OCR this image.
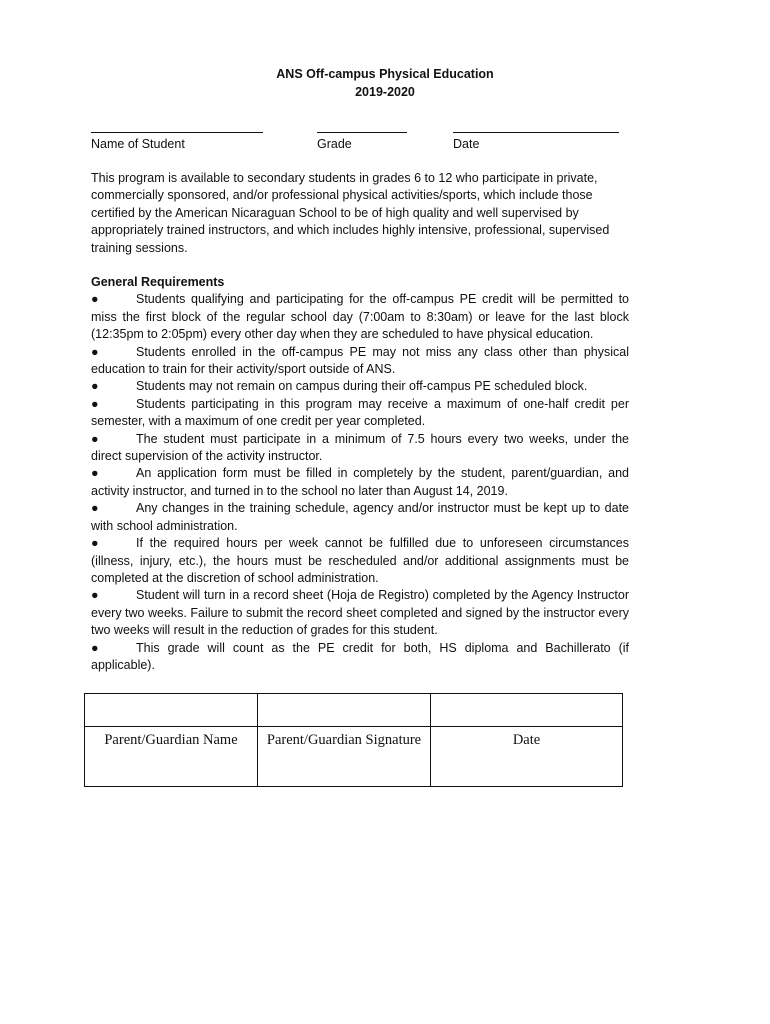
ANS Off-campus Physical Education
2019-2020
Name of Student	Grade	Date
This program is available to secondary students in grades 6 to 12 who participate in private, commercially sponsored, and/or professional physical activities/sports, which include those certified by the American Nicaraguan School to be of high quality and well supervised by appropriately trained instructors, and which includes highly intensive, professional, supervised training sessions.
General Requirements
●	Students qualifying and participating for the off-campus PE credit will be permitted to miss the first block of the regular school day (7:00am to 8:30am) or leave for the last block (12:35pm to 2:05pm) every other day when they are scheduled to have physical education.
●	Students enrolled in the off-campus PE may not miss any class other than physical education to train for their activity/sport outside of ANS.
●	Students may not remain on campus during their off-campus PE scheduled block.
●	Students participating in this program may receive a maximum of one-half credit per semester, with a maximum of one credit per year completed.
●	The student must participate in a minimum of 7.5 hours every two weeks, under the direct supervision of the activity instructor.
●	An application form must be filled in completely by the student, parent/guardian, and activity instructor, and turned in to the school no later than August 14, 2019.
●	Any changes in the training schedule, agency and/or instructor must be kept up to date with school administration.
●	If the required hours per week cannot be fulfilled due to unforeseen circumstances (illness, injury, etc.), the hours must be rescheduled and/or additional assignments must be completed at the discretion of school administration.
●	Student will turn in a record sheet (Hoja de Registro) completed by the Agency Instructor every two weeks. Failure to submit the record sheet completed and signed by the instructor every two weeks will result in the reduction of grades for this student.
●	This grade will count as the PE credit for both, HS diploma and Bachillerato (if applicable).

Parent/Guardian Name	Parent/Guardian Signature	Date
